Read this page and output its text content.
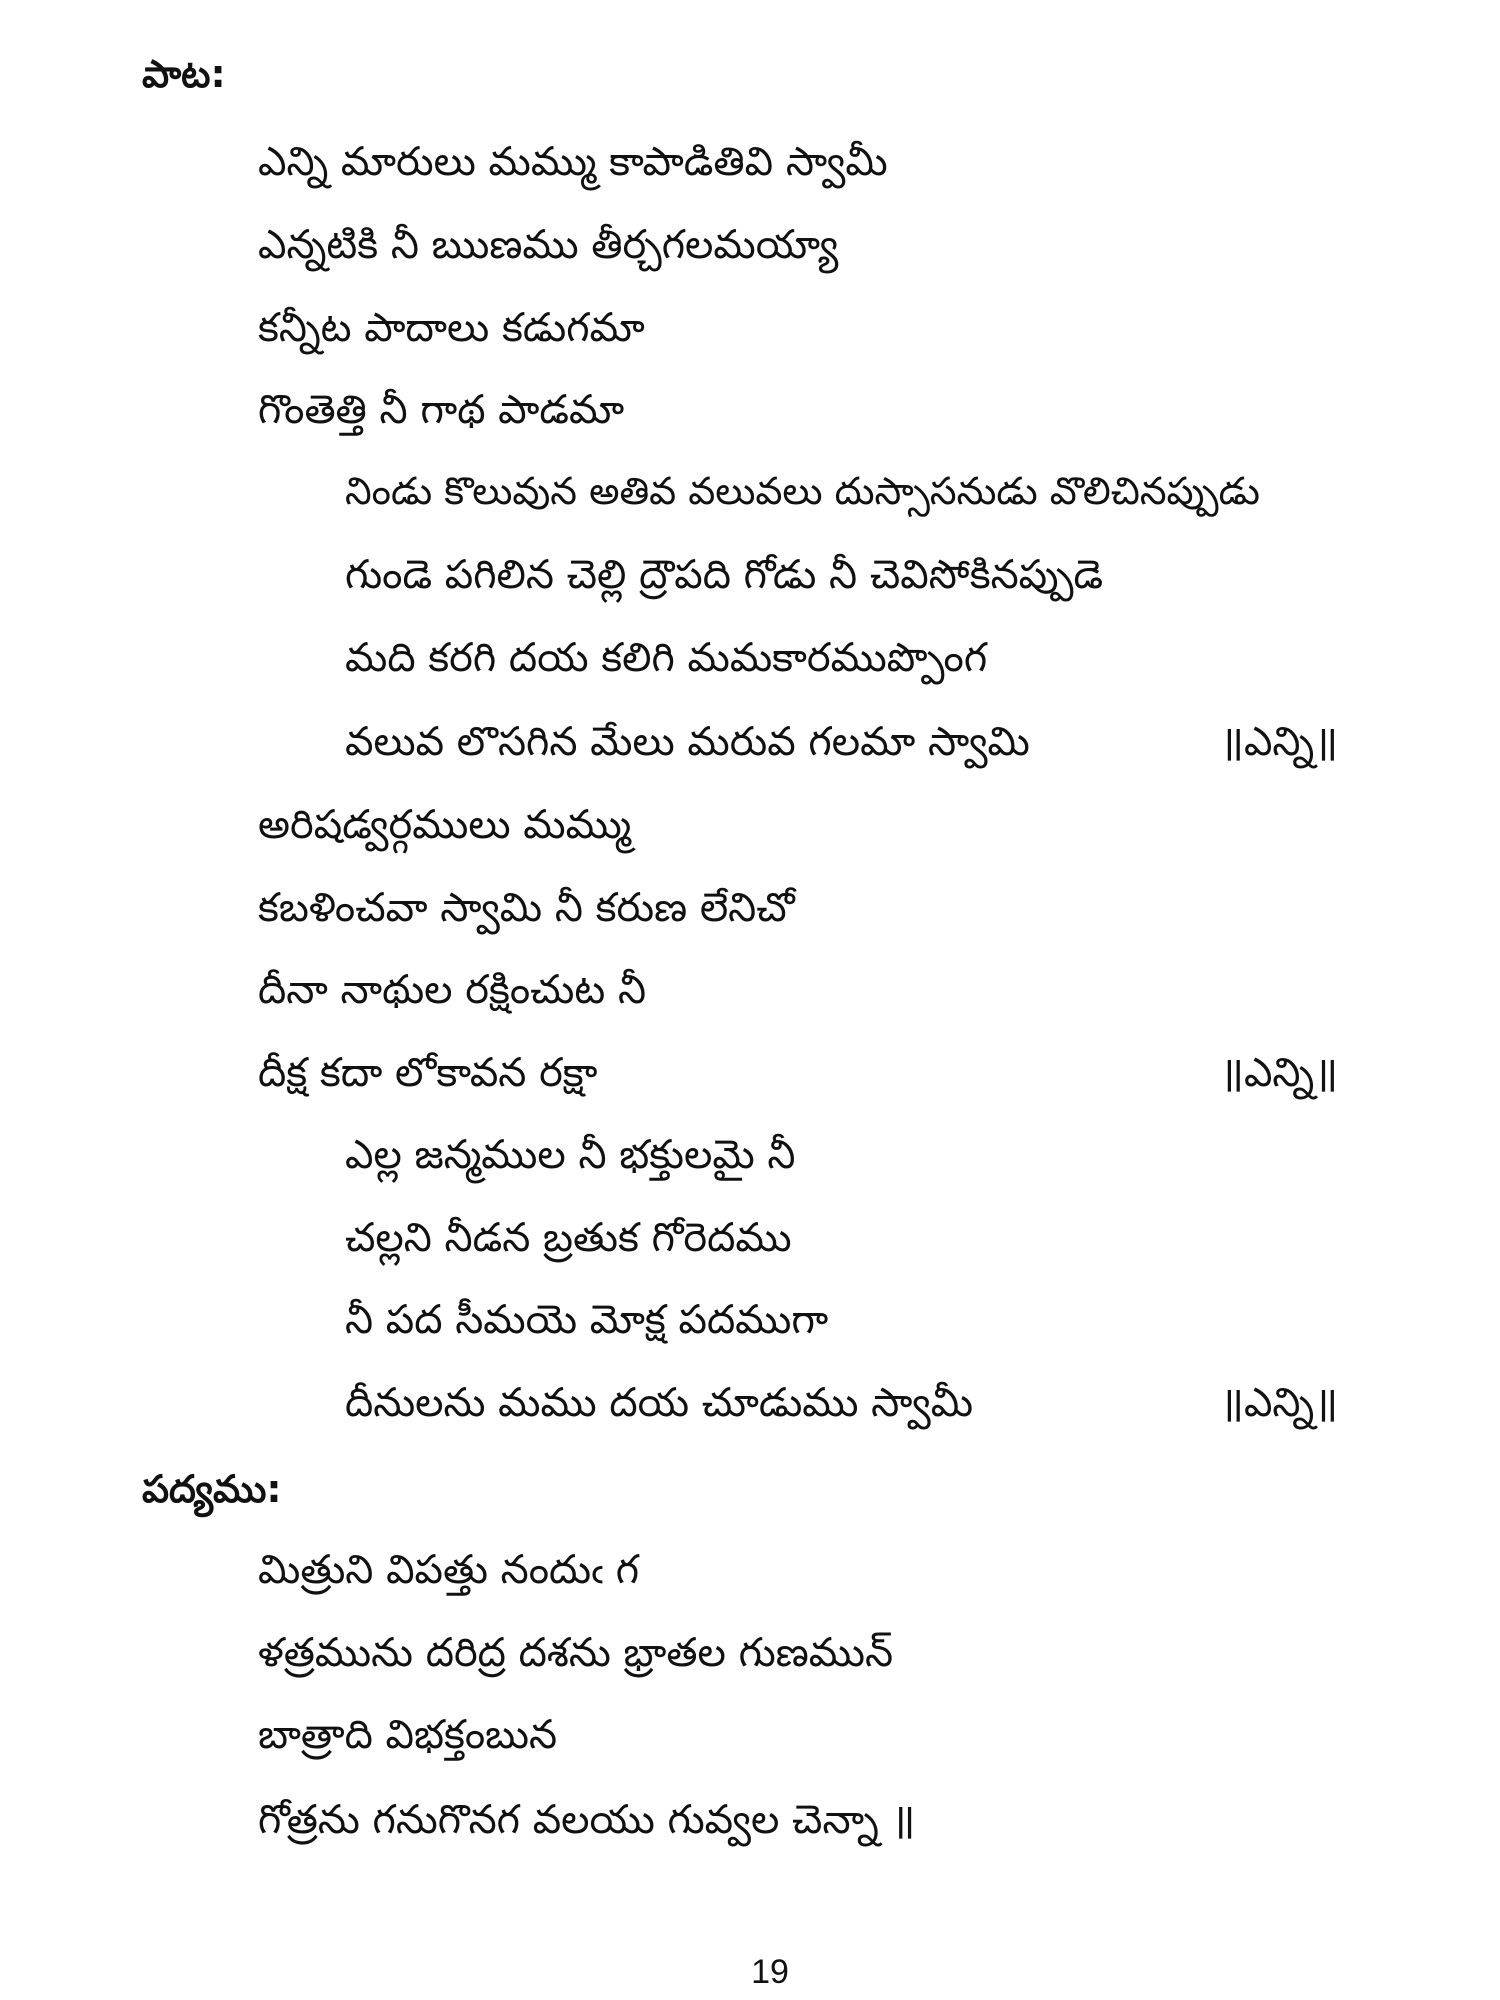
పాట:
ఎన్ని మారులు మమ్ము కాపాడితివి స్వామీ
ఎన్నటికి నీ ఋణము తీర్చగలమయ్యా
కన్నీట పాదాలు కడుగమా
గొంతెత్తి నీ గాథ పాడమా
నిండు కొలువున అతివ వలువలు దుస్సాసనుడు వొలిచినప్పుడు
గుండె పగిలిన చెల్లి ద్రౌపది గోడు నీ చెవిసోకినప్పుడె
మది కరగి దయ కలిగి మమకారముప్పొంగ
వలువ లొసగిన మేలు మరువ గలమా స్వామి	॥ఎన్ని॥
అరిషడ్వర్గములు మమ్ము
కబళించవా స్వామి నీ కరుణ లేనిచో
దీనా నాథుల రక్షించుట నీ
దీక్ష కదా లోకావన రక్షా	॥ఎన్ని॥
ఎల్ల జన్మముల నీ భక్తులమై నీ
చల్లని నీడన బ్రతుక గోరెదము
నీ పద సీమయె మోక్ష పదముగా
దీనులను మము దయ చూడుము స్వామీ	॥ఎన్ని॥
పద్యము:
మిత్రుని విపత్తు నందుఁ గ
ళత్రమును దరిద్ర దశను భ్రాతల గుణమున్
బాత్రాది విభక్తంబున
గోత్రను గనుగొనగ వలయు గువ్వల చెన్నా ॥
19
